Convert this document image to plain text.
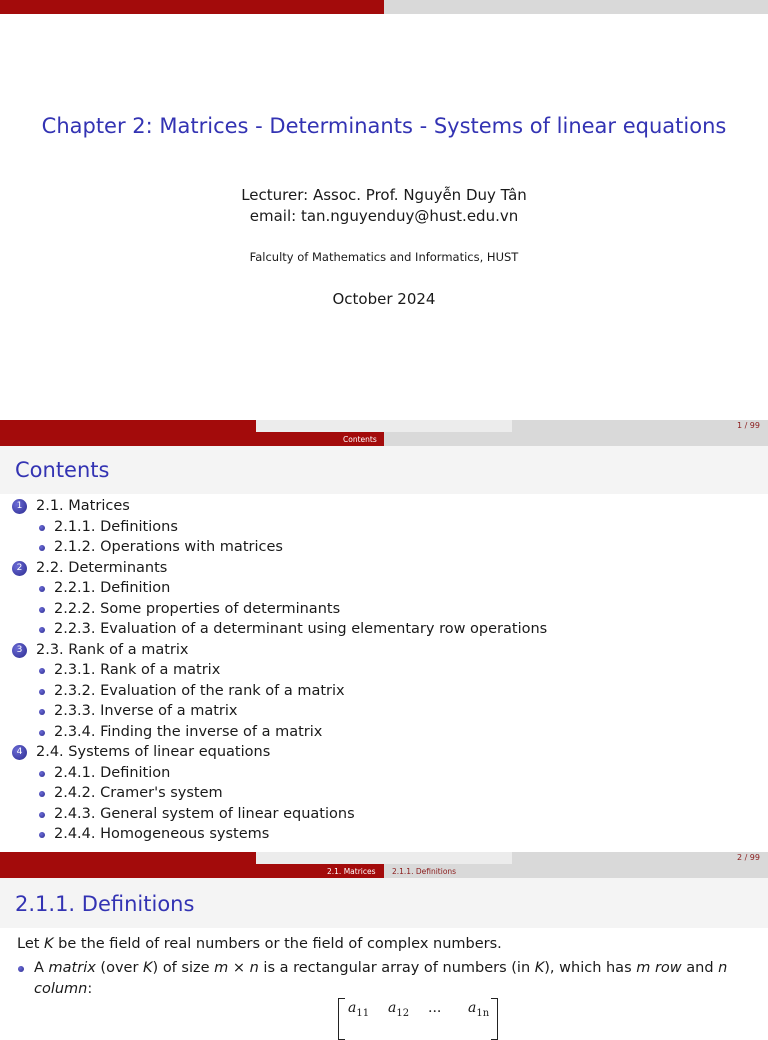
Chapter 2: Matrices - Determinants - Systems of linear equations
Lecturer: Assoc. Prof. Nguyễn Duy Tân
email: tan.nguyenduy@hust.edu.vn
Falculty of Mathematics and Informatics, HUST
October 2024
1 / 99
Contents
Contents
1 2.1. Matrices
2.1.1. Definitions
2.1.2. Operations with matrices
2 2.2. Determinants
2.2.1. Definition
2.2.2. Some properties of determinants
2.2.3. Evaluation of a determinant using elementary row operations
3 2.3. Rank of a matrix
2.3.1. Rank of a matrix
2.3.2. Evaluation of the rank of a matrix
2.3.3. Inverse of a matrix
2.3.4. Finding the inverse of a matrix
4 2.4. Systems of linear equations
2.4.1. Definition
2.4.2. Cramer's system
2.4.3. General system of linear equations
2.4.4. Homogeneous systems
2 / 99
2.1. Matrices 2.1.1. Definitions
2.1.1. Definitions
Let K be the field of real numbers or the field of complex numbers.
A matrix (over K) of size m × n is a rectangular array of numbers (in K), which has m row and n
column:
$a_{11}$ $a_{12}$ ... $a_{1n}$
